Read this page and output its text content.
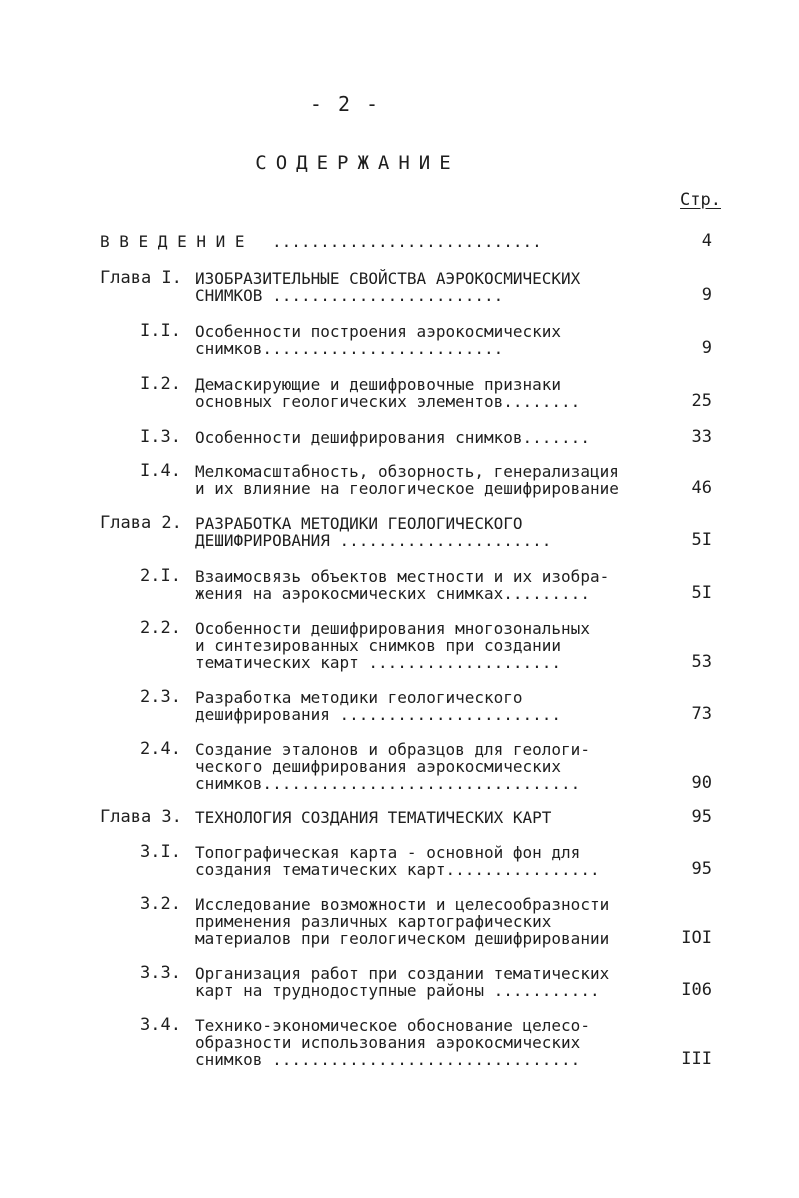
- 2 -
СОДЕРЖАНИЕ
Стр.
В В Е Д Е Н И Е ............................	4
Глава I. ИЗОБРАЗИТЕЛЬНЫЕ СВОЙСТВА АЭРОКОСМИЧЕСКИХ
СНИМКОВ ........................	9
I.I. Особенности построения аэрокосмических
снимков.........................	9
I.2. Демаскирующие и дешифровочные признаки
основных геологических элементов........	25
I.3. Особенности дешифрирования снимков.......	33
I.4. Мелкомасштабность, обзорность, генерализация
и их влияние на геологическое дешифрирование	46
Глава 2. РАЗРАБОТКА МЕТОДИКИ ГЕОЛОГИЧЕСКОГО
ДЕШИФРИРОВАНИЯ ......................	5I
2.I. Взаимосвязь объектов местности и их изобра-
жения на аэрокосмических снимках.........	5I
2.2. Особенности дешифрирования многозональных
и синтезированных снимков при создании
тематических карт ....................	53
2.3. Разработка методики геологического
дешифрирования .......................	73
2.4. Создание эталонов и образцов для геологи-
ческого дешифрирования аэрокосмических
снимков.................................	90
Глава 3. ТЕХНОЛОГИЯ СОЗДАНИЯ ТЕМАТИЧЕСКИХ КАРТ	95
3.I. Топографическая карта - основной фон для
создания тематических карт................	95
3.2. Исследование возможности и целесообразности
применения различных картографических
материалов при геологическом дешифрировании	IOI
3.3. Организация работ при создании тематических
карт на труднодоступные районы ...........	I06
3.4. Технико-экономическое обоснование целесо-
образности использования аэрокосмических
снимков ................................	III
